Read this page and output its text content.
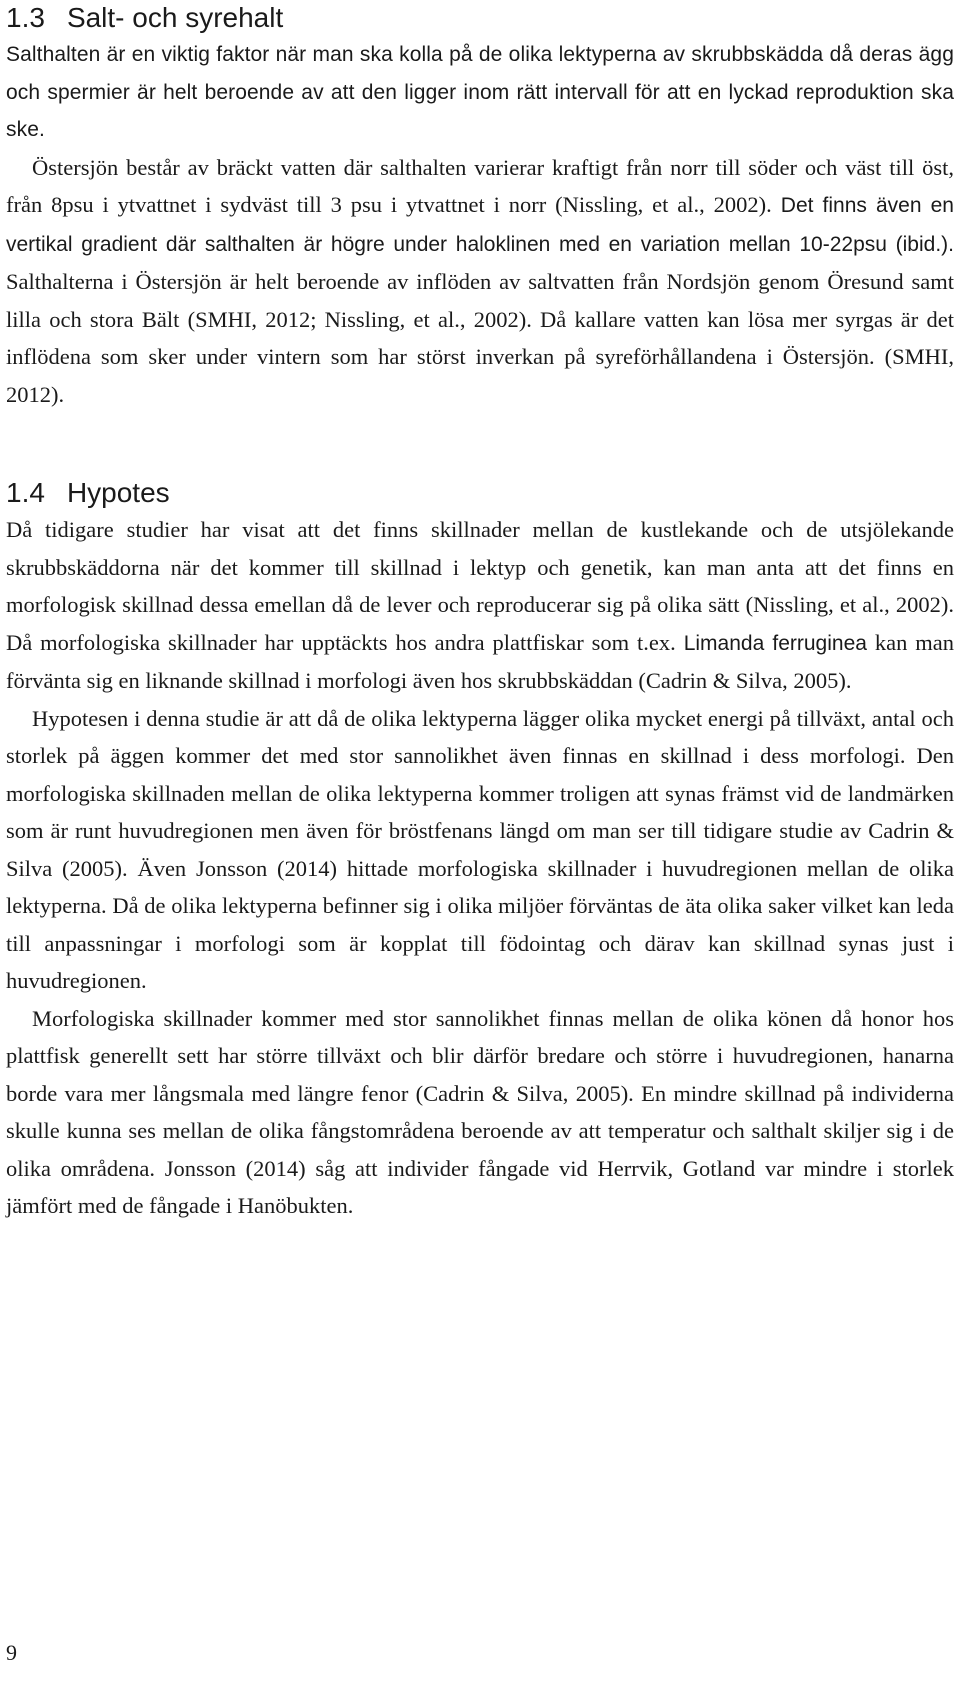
1.3 Salt- och syrehalt

Salthalten är en viktig faktor när man ska kolla på de olika lektyperna av skrubbskädda då deras ägg och spermier är helt beroende av att den ligger inom rätt intervall för att en lyckad reproduktion ska ske.

Östersjön består av bräckt vatten där salthalten varierar kraftigt från norr till söder och väst till öst, från 8psu i ytvattnet i sydväst till 3 psu i ytvattnet i norr (Nissling, et al., 2002). Det finns även en vertikal gradient där salthalten är högre under haloklinen med en variation mellan 10-22psu (ibid.). Salthalterna i Östersjön är helt beroende av inflöden av saltvatten från Nordsjön genom Öresund samt lilla och stora Bält (SMHI, 2012; Nissling, et al., 2002). Då kallare vatten kan lösa mer syrgas är det inflödena som sker under vintern som har störst inverkan på syreförhållandena i Östersjön. (SMHI, 2012).

1.4 Hypotes

Då tidigare studier har visat att det finns skillnader mellan de kustlekande och de utsjölekande skrubbskäddorna när det kommer till skillnad i lektyp och genetik, kan man anta att det finns en morfologisk skillnad dessa emellan då de lever och reproducerar sig på olika sätt (Nissling, et al., 2002). Då morfologiska skillnader har upptäckts hos andra plattfiskar som t.ex. Limanda ferruginea kan man förvänta sig en liknande skillnad i morfologi även hos skrubbskäddan (Cadrin & Silva, 2005).

Hypotesen i denna studie är att då de olika lektyperna lägger olika mycket energi på tillväxt, antal och storlek på äggen kommer det med stor sannolikhet även finnas en skillnad i dess morfologi. Den morfologiska skillnaden mellan de olika lektyperna kommer troligen att synas främst vid de landmärken som är runt huvudregionen men även för bröstfenans längd om man ser till tidigare studie av Cadrin & Silva (2005). Även Jonsson (2014) hittade morfologiska skillnader i huvudregionen mellan de olika lektyperna. Då de olika lektyperna befinner sig i olika miljöer förväntas de äta olika saker vilket kan leda till anpassningar i morfologi som är kopplat till födointag och därav kan skillnad synas just i huvudregionen.

Morfologiska skillnader kommer med stor sannolikhet finnas mellan de olika könen då honor hos plattfisk generellt sett har större tillväxt och blir därför bredare och större i huvudregionen, hanarna borde vara mer långsmala med längre fenor (Cadrin & Silva, 2005). En mindre skillnad på individerna skulle kunna ses mellan de olika fångstområdena beroende av att temperatur och salthalt skiljer sig i de olika områdena. Jonsson (2014) såg att individer fångade vid Herrvik, Gotland var mindre i storlek jämfört med de fångade i Hanöbukten.

9
